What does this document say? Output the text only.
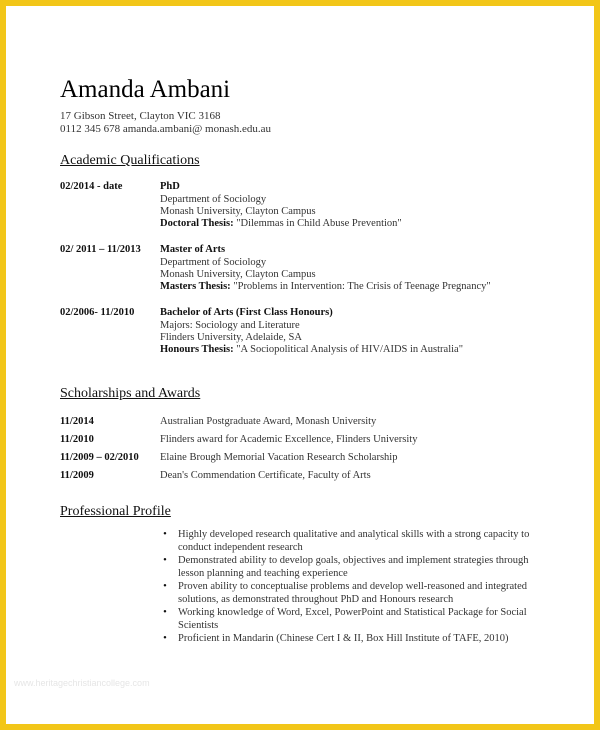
Amanda Ambani
17 Gibson Street, Clayton VIC 3168
0112 345 678 amanda.ambani@ monash.edu.au
Academic Qualifications
02/2014 - date	PhD
Department of Sociology
Monash University, Clayton Campus
Doctoral Thesis: "Dilemmas in Child Abuse Prevention"
02/ 2011 – 11/2013 Master of Arts
Department of Sociology
Monash University, Clayton Campus
Masters Thesis: "Problems in Intervention: The Crisis of Teenage Pregnancy"
02/2006- 11/2010 Bachelor of Arts (First Class Honours)
Majors: Sociology and Literature
Flinders University, Adelaide, SA
Honours Thesis: "A Sociopolitical Analysis of HIV/AIDS in Australia"
Scholarships and Awards
11/2014	Australian Postgraduate Award, Monash University
11/2010	Flinders award for Academic Excellence, Flinders University
11/2009 – 02/2010 Elaine Brough Memorial Vacation Research Scholarship
11/2009	Dean's Commendation Certificate, Faculty of Arts
Professional Profile
•	Highly developed research qualitative and analytical skills with a strong capacity to conduct independent research
•	Demonstrated ability to develop goals, objectives and implement strategies through lesson planning and teaching experience
•	Proven ability to conceptualise problems and develop well-reasoned and integrated solutions, as demonstrated throughout PhD and Honours research
•	Working knowledge of Word, Excel, PowerPoint and Statistical Package for Social Scientists
•	Proficient in Mandarin (Chinese Cert I & II, Box Hill Institute of TAFE, 2010)
www.heritagechristiancollege.com
